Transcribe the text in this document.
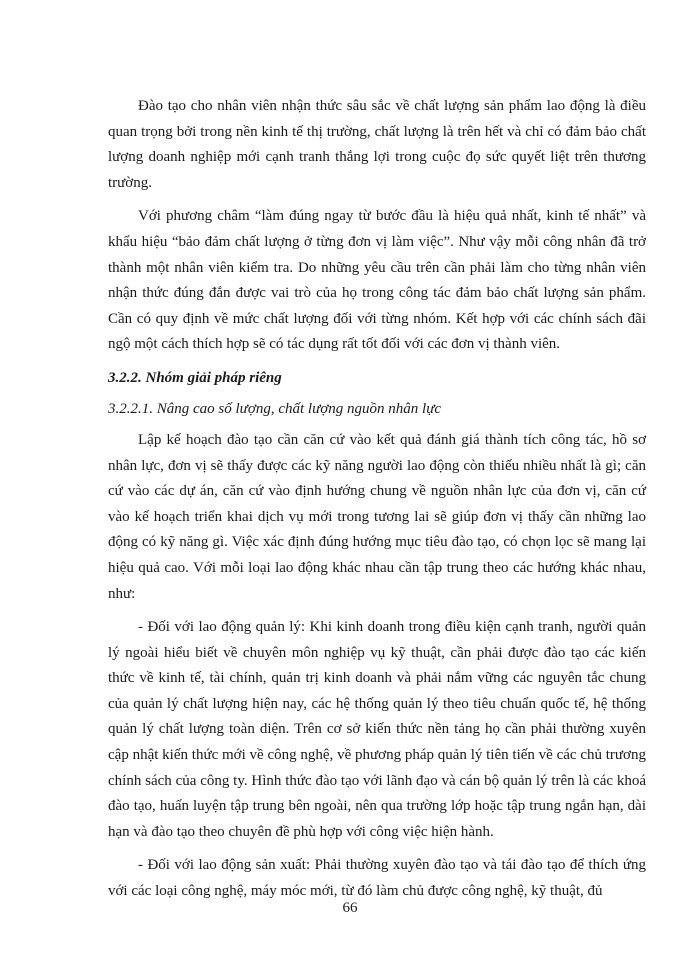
Đào tạo cho nhân viên nhận thức sâu sắc về chất lượng sản phẩm lao động là điều quan trọng bởi trong nền kinh tế thị trường, chất lượng là trên hết và chỉ có đảm bảo chất lượng doanh nghiệp mới cạnh tranh thắng lợi trong cuộc đọ sức quyết liệt trên thương trường.

Với phương châm “làm đúng ngay từ bước đầu là hiệu quả nhất, kinh tế nhất” và khẩu hiệu “bảo đảm chất lượng ở từng đơn vị làm việc”. Như vậy mỗi công nhân đã trở thành một nhân viên kiểm tra. Do những yêu cầu trên cần phải làm cho từng nhân viên nhận thức đúng đắn được vai trò của họ trong công tác đảm bảo chất lượng sản phẩm. Cần có quy định về mức chất lượng đối với từng nhóm. Kết hợp với các chính sách đãi ngộ một cách thích hợp sẽ có tác dụng rất tốt đối với các đơn vị thành viên.

3.2.2. Nhóm giải pháp riêng
3.2.2.1. Nâng cao số lượng, chất lượng nguồn nhân lực

Lập kế hoạch đào tạo cần căn cứ vào kết quả đánh giá thành tích công tác, hồ sơ nhân lực, đơn vị sẽ thấy được các kỹ năng người lao động còn thiếu nhiều nhất là gì; căn cứ vào các dự án, căn cứ vào định hướng chung về nguồn nhân lực của đơn vị, căn cứ vào kế hoạch triển khai dịch vụ mới trong tương lai sẽ giúp đơn vị thấy cần những lao động có kỹ năng gì. Việc xác định đúng hướng mục tiêu đào tạo, có chọn lọc sẽ mang lại hiệu quả cao. Với mỗi loại lao động khác nhau cần tập trung theo các hướng khác nhau, như:

- Đối với lao động quản lý: Khi kinh doanh trong điều kiện cạnh tranh, người quản lý ngoài hiểu biết về chuyên môn nghiệp vụ kỹ thuật, cần phải được đào tạo các kiến thức về kinh tế, tài chính, quản trị kinh doanh và phải nắm vững các nguyên tắc chung của quản lý chất lượng hiện nay, các hệ thống quản lý theo tiêu chuẩn quốc tế, hệ thống quản lý chất lượng toàn diện. Trên cơ sở kiến thức nền tảng họ cần phải thường xuyên cập nhật kiến thức mới về công nghệ, về phương pháp quản lý tiên tiến về các chủ trương chính sách của công ty. Hình thức đào tạo với lãnh đạo và cán bộ quản lý trên là các khoá đào tạo, huấn luyện tập trung bên ngoài, nên qua trường lớp hoặc tập trung ngắn hạn, dài hạn và đào tạo theo chuyên đề phù hợp với công việc hiện hành.

- Đối với lao động sản xuất: Phải thường xuyên đào tạo và tái đào tạo để thích ứng với các loại công nghệ, máy móc mới, từ đó làm chủ được công nghệ, kỹ thuật, đủ

66
